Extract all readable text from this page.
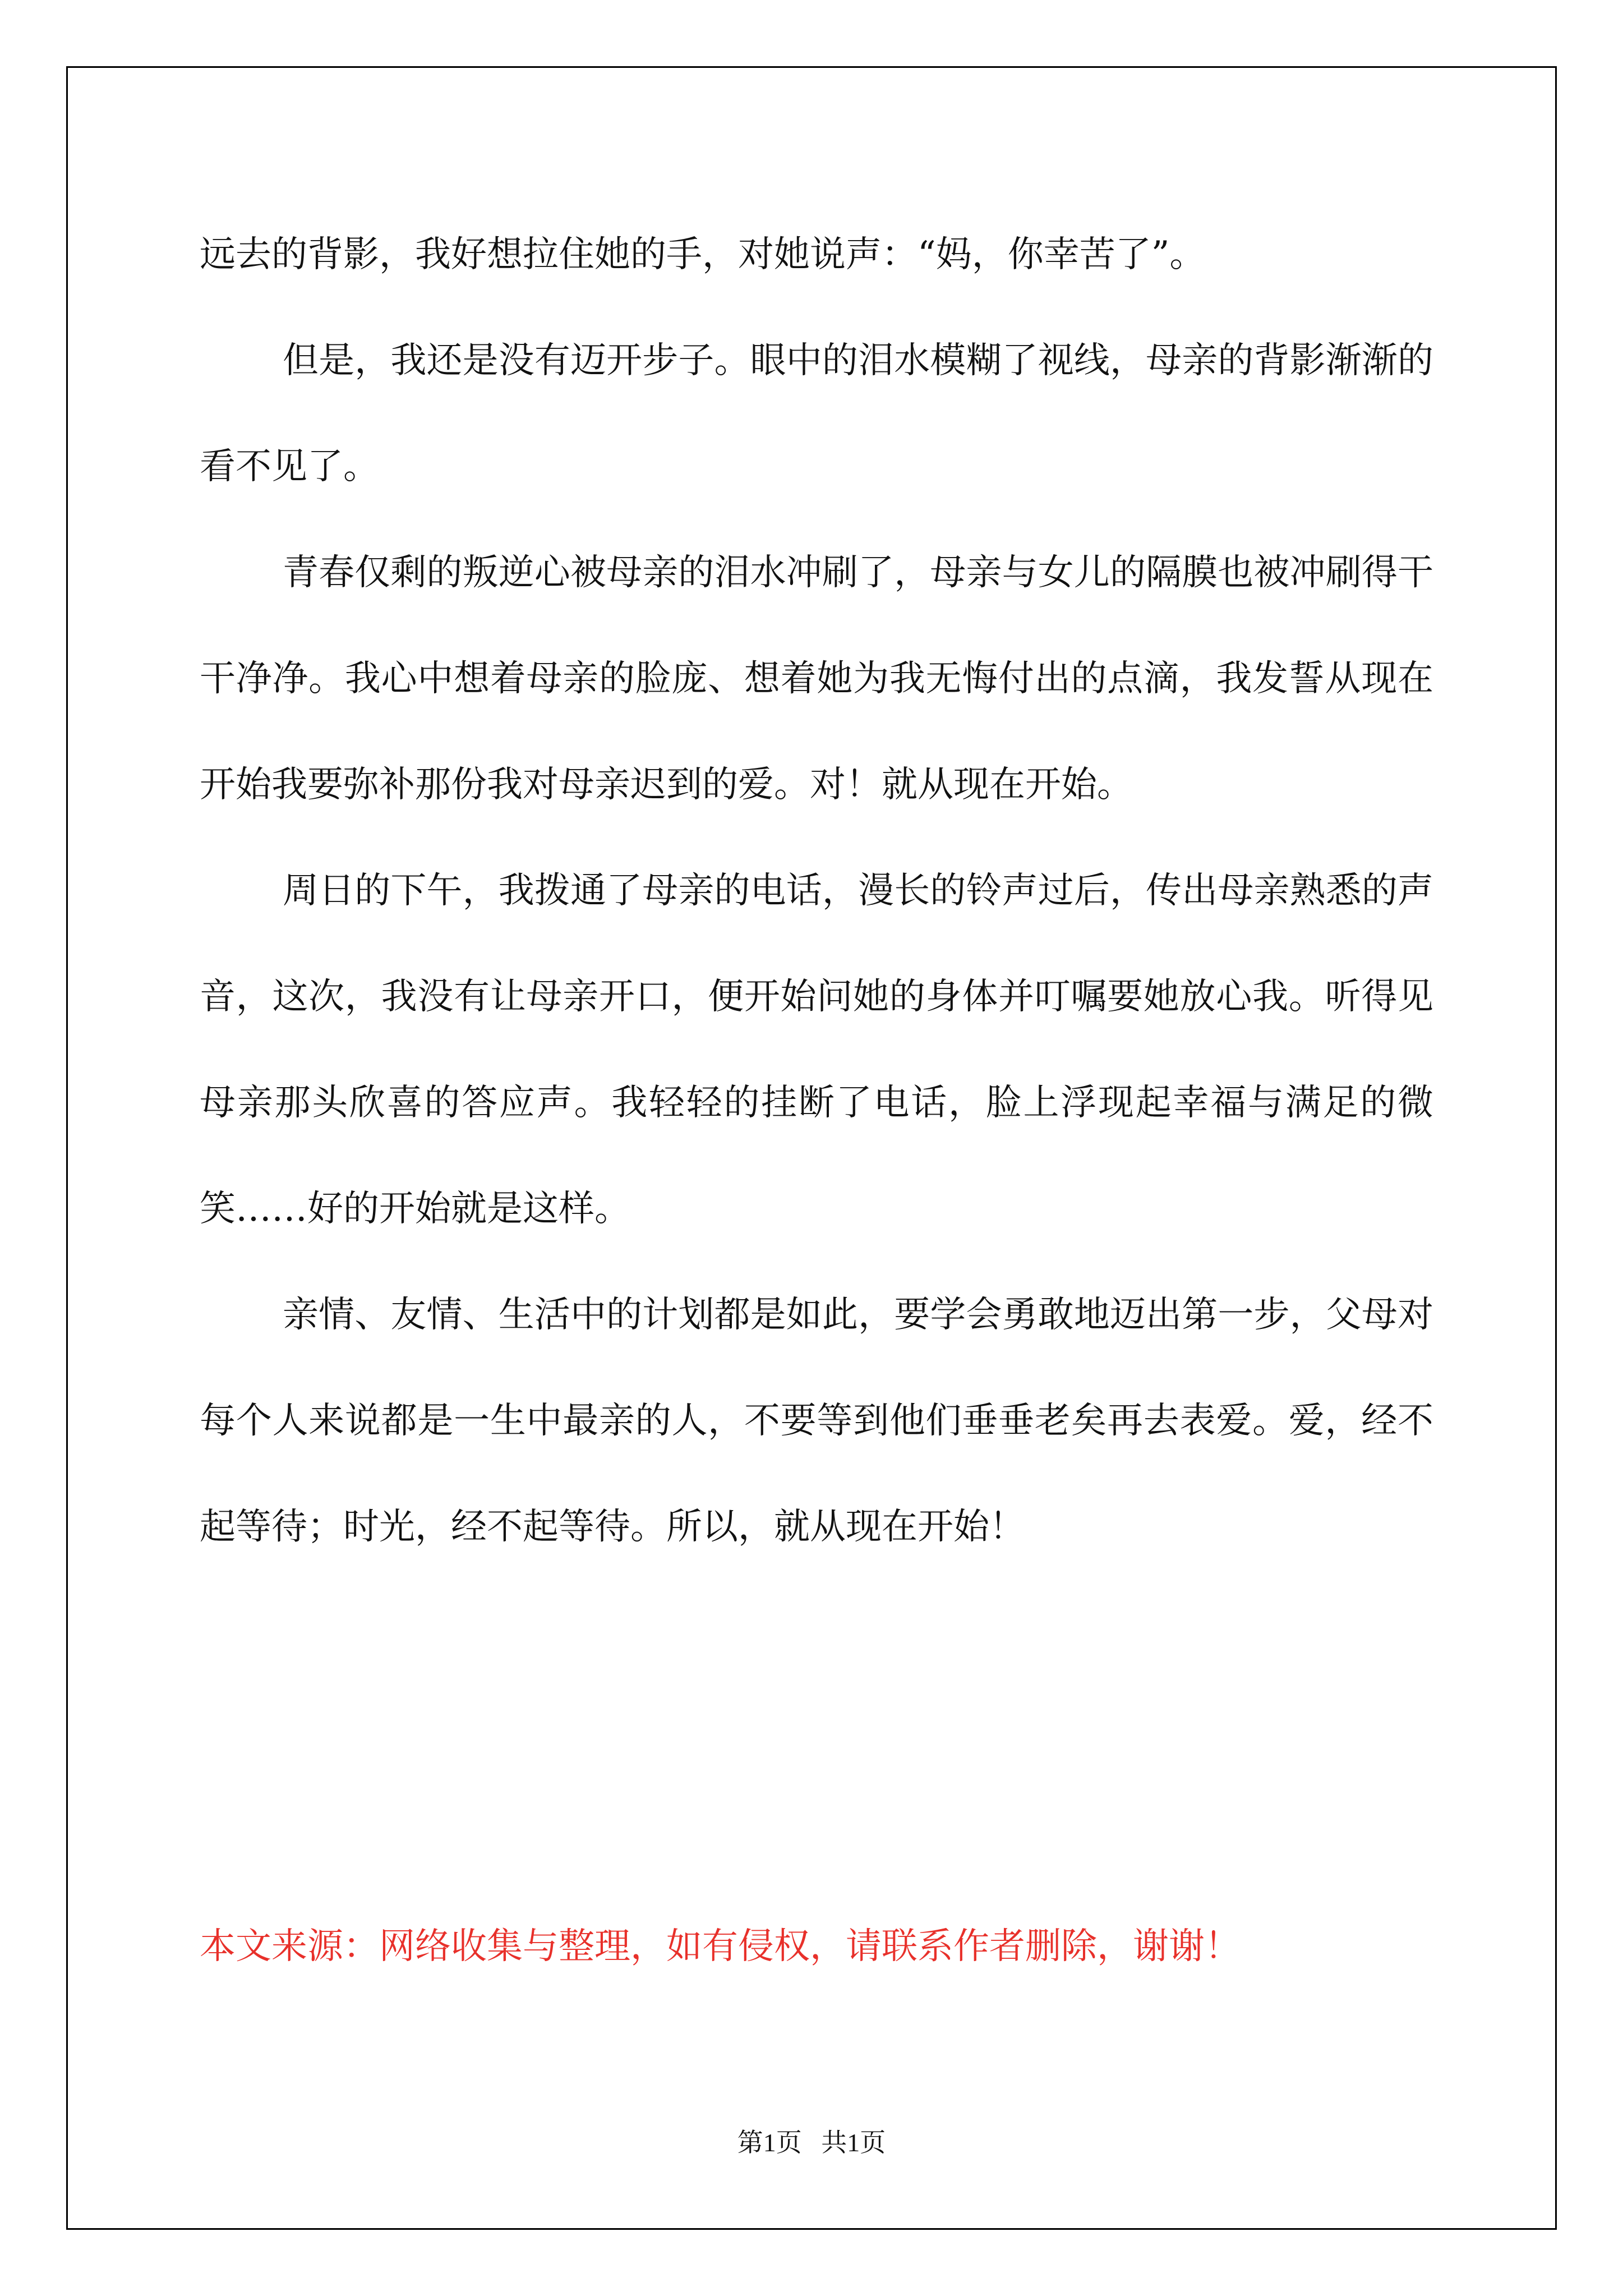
远去的背影，我好想拉住她的手，对她说声：“妈，你幸苦了”。

但是，我还是没有迈开步子。眼中的泪水模糊了视线，母亲的背影渐渐的看不见了。

青春仅剩的叛逆心被母亲的泪水冲刷了，母亲与女儿的隔膜也被冲刷得干干净净。我心中想着母亲的脸庞、想着她为我无悔付出的点滴，我发誓从现在开始我要弥补那份我对母亲迟到的爱。对！就从现在开始。

周日的下午，我拨通了母亲的电话，漫长的铃声过后，传出母亲熟悉的声音，这次，我没有让母亲开口，便开始问她的身体并叮嘱要她放心我。听得见母亲那头欣喜的答应声。我轻轻的挂断了电话，脸上浮现起幸福与满足的微笑……好的开始就是这样。

亲情、友情、生活中的计划都是如此，要学会勇敢地迈出第一步，父母对每个人来说都是一生中最亲的人，不要等到他们垂垂老矣再去表爱。爱，经不起等待；时光，经不起等待。所以，就从现在开始！

本文来源：网络收集与整理，如有侵权，请联系作者删除，谢谢！
第1页 共1页
